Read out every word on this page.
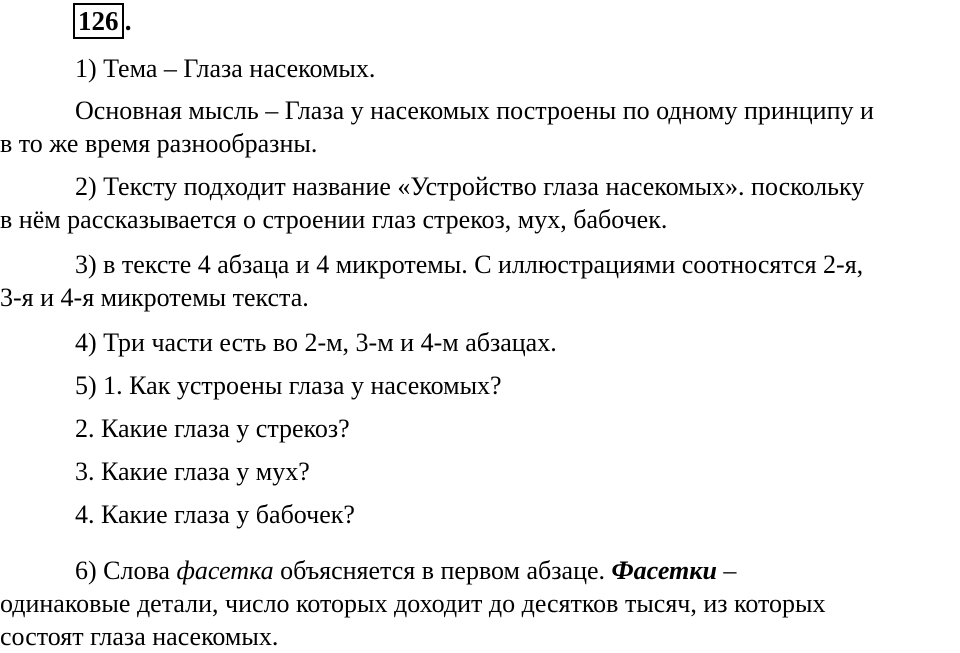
126 .
1) Тема – Глаза насекомых.
Основная мысль – Глаза у насекомых построены по одному принципу и
в то же время разнообразны.
2) Тексту подходит название «Устройство глаза насекомых». поскольку
в нём рассказывается о строении глаз стрекоз, мух, бабочек.
3) в тексте 4 абзаца и 4 микротемы. С иллюстрациями соотносятся 2-я,
3-я и 4-я микротемы текста.
4) Три части есть во 2-м, 3-м и 4-м абзацах.
5) 1. Как устроены глаза у насекомых?
2. Какие глаза у стрекоз?
3. Какие глаза у мух?
4. Какие глаза у бабочек?
6) Слова фасетка объясняется в первом абзаце. Фасетки –
одинаковые детали, число которых доходит до десятков тысяч, из которых
состоят глаза насекомых.
